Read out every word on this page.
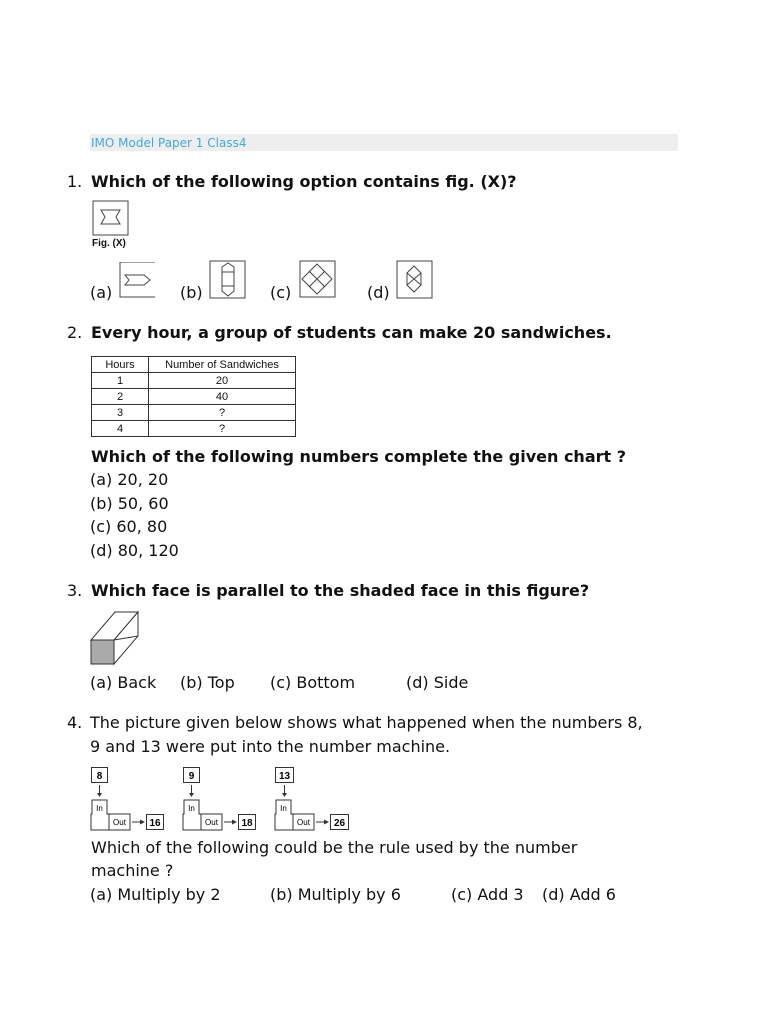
IMO Model Paper 1 Class4
1. Which of the following option contains fig. (X)?
Fig. (X)
(a)	(b)	(c)	(d)
2. Every hour, a group of students can make 20 sandwiches.
Hours	Number of Sandwiches
1	20
2	40
3	?
4	?
Which of the following numbers complete the given chart ?
(a) 20, 20
(b) 50, 60
(c) 60, 80
(d) 80, 120
3. Which face is parallel to the shaded face in this figure?
(a) Back (b) Top (c) Bottom	(d) Side
4. The picture given below shows what happened when the numbers 8,
9 and 13 were put into the number machine.
8
In
Out 16
9
In
Out 18
13
In
Out 26
Which of the following could be the rule used by the number
machine ?
(a) Multiply by 2	(b) Multiply by 6	(c) Add 3 (d) Add 6
